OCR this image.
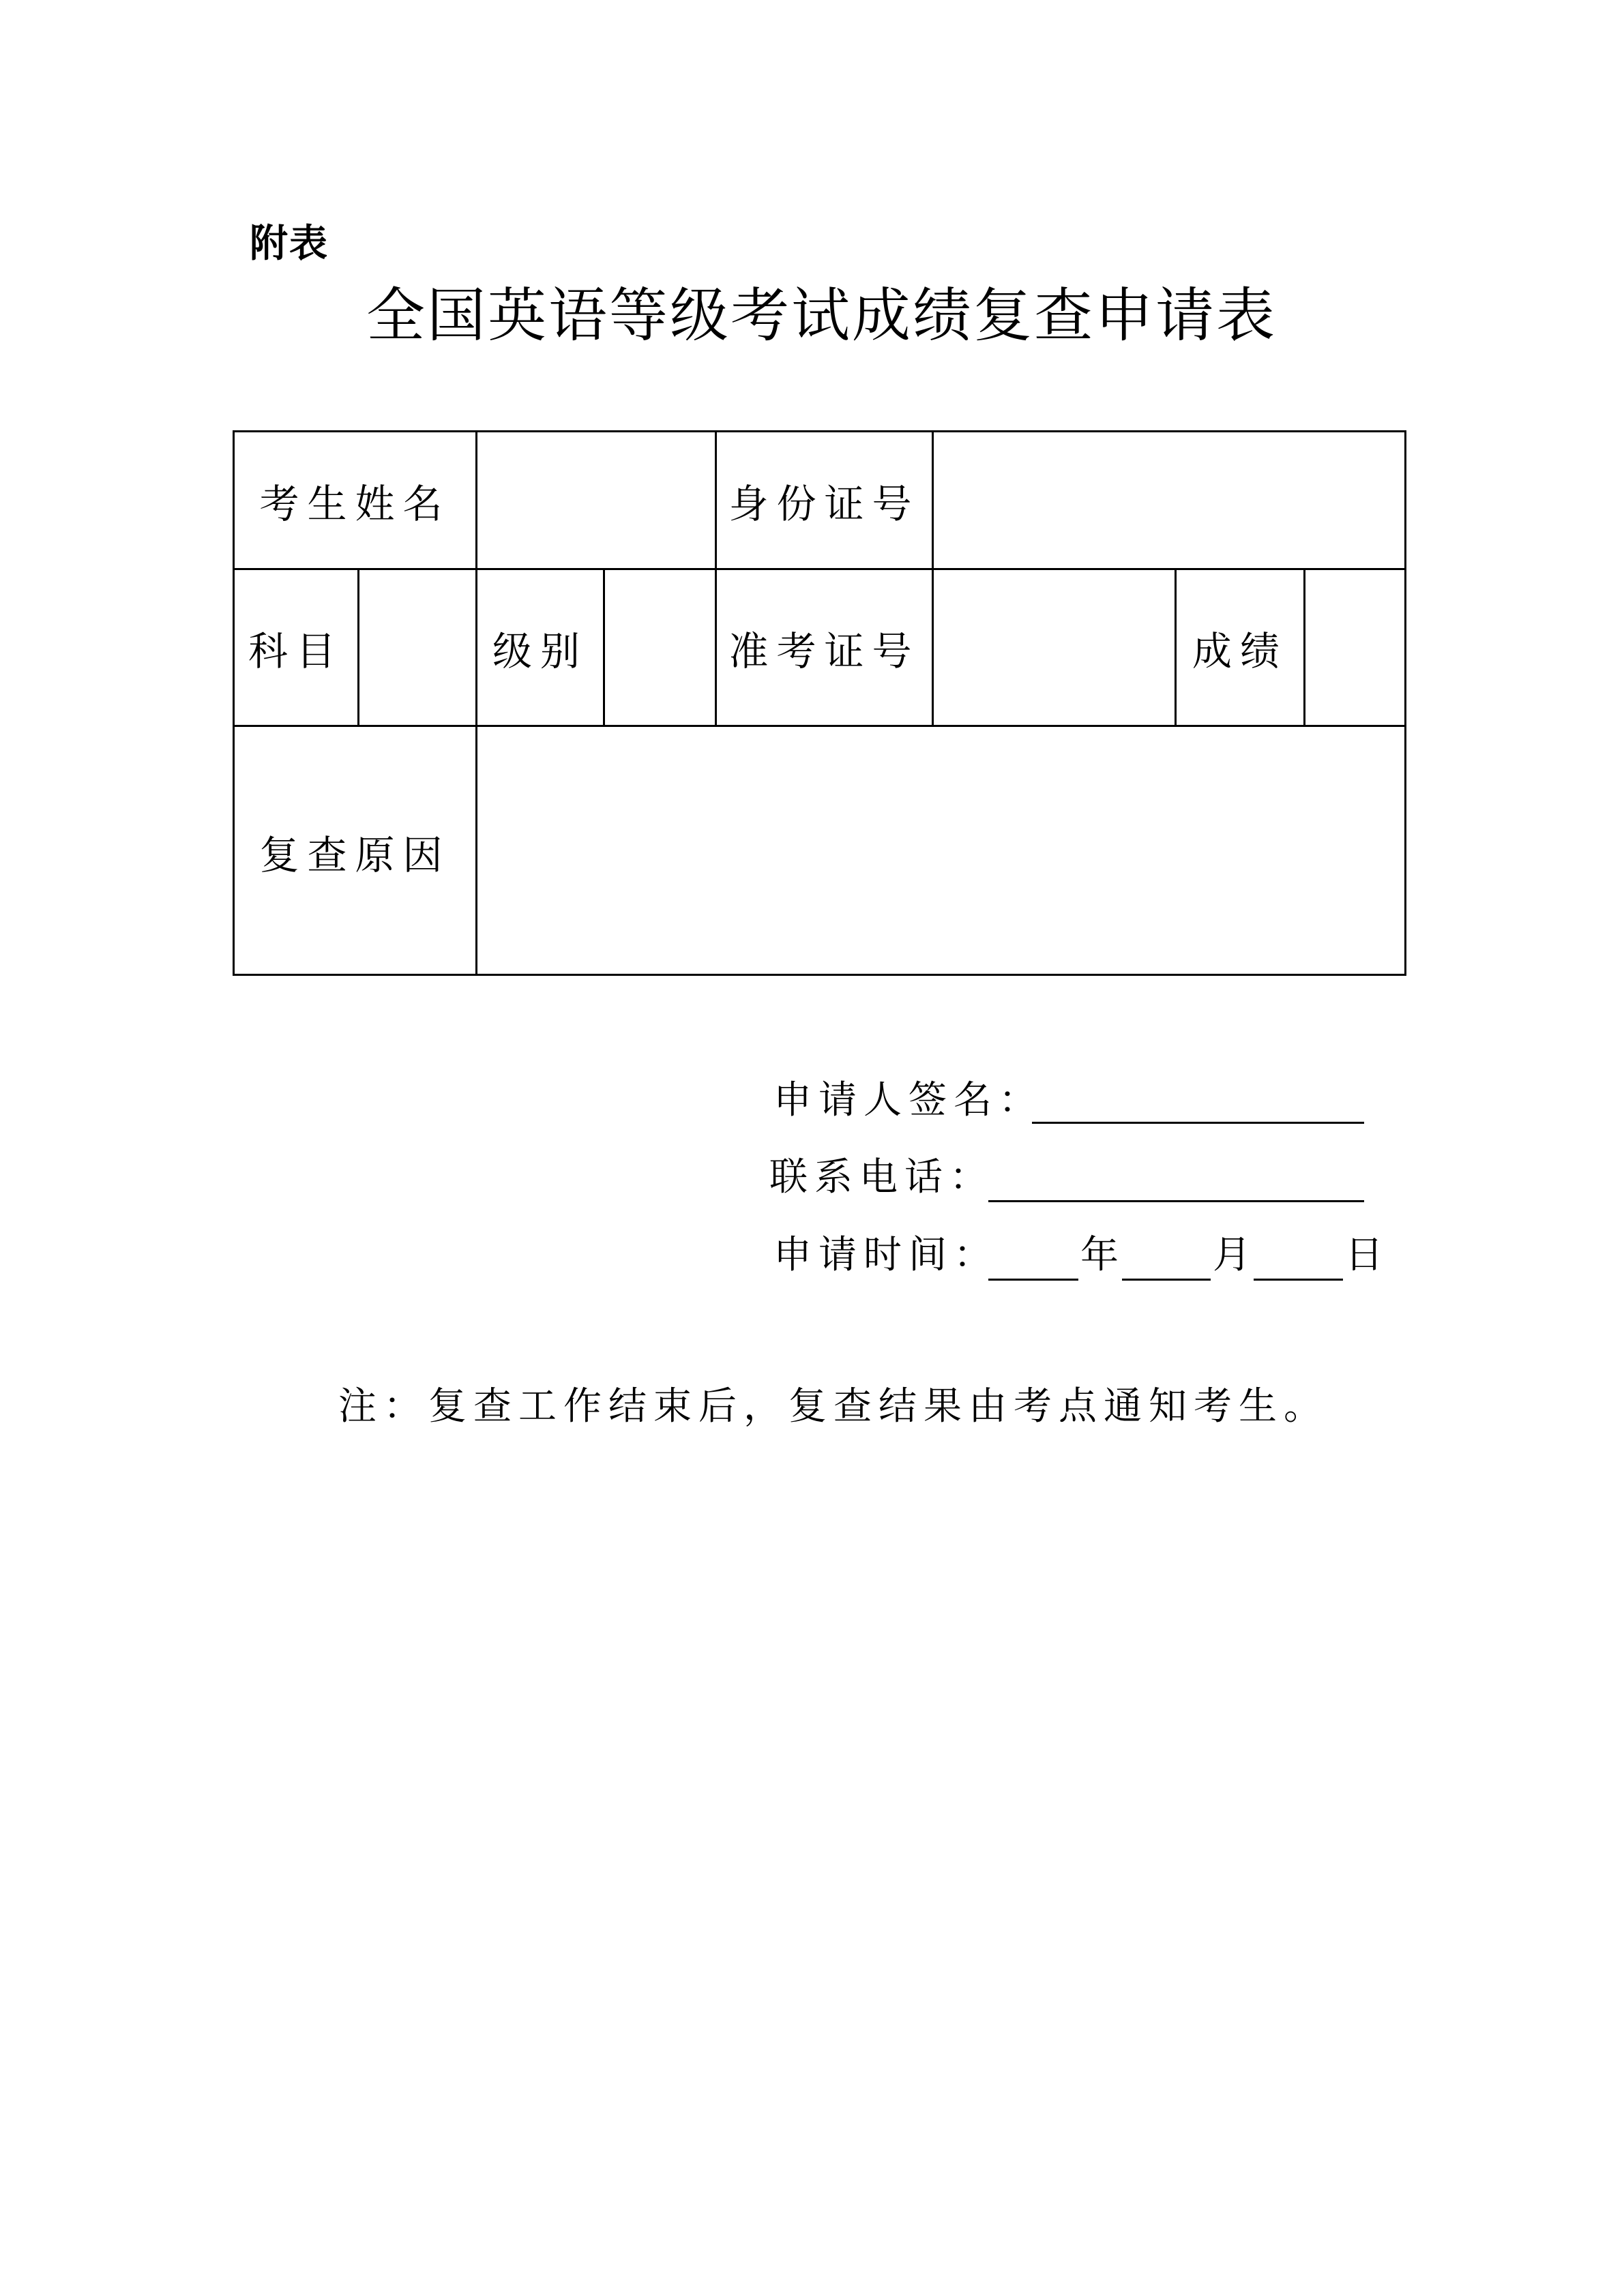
附表
全国英语等级考试成绩复查申请表
考生姓名	身份证号
科目	级别	准考证号	成绩
复查原因
申请人签名：
联系电话：
申请时间： 年 月 日
注：复查工作结束后，复查结果由考点通知考生。
